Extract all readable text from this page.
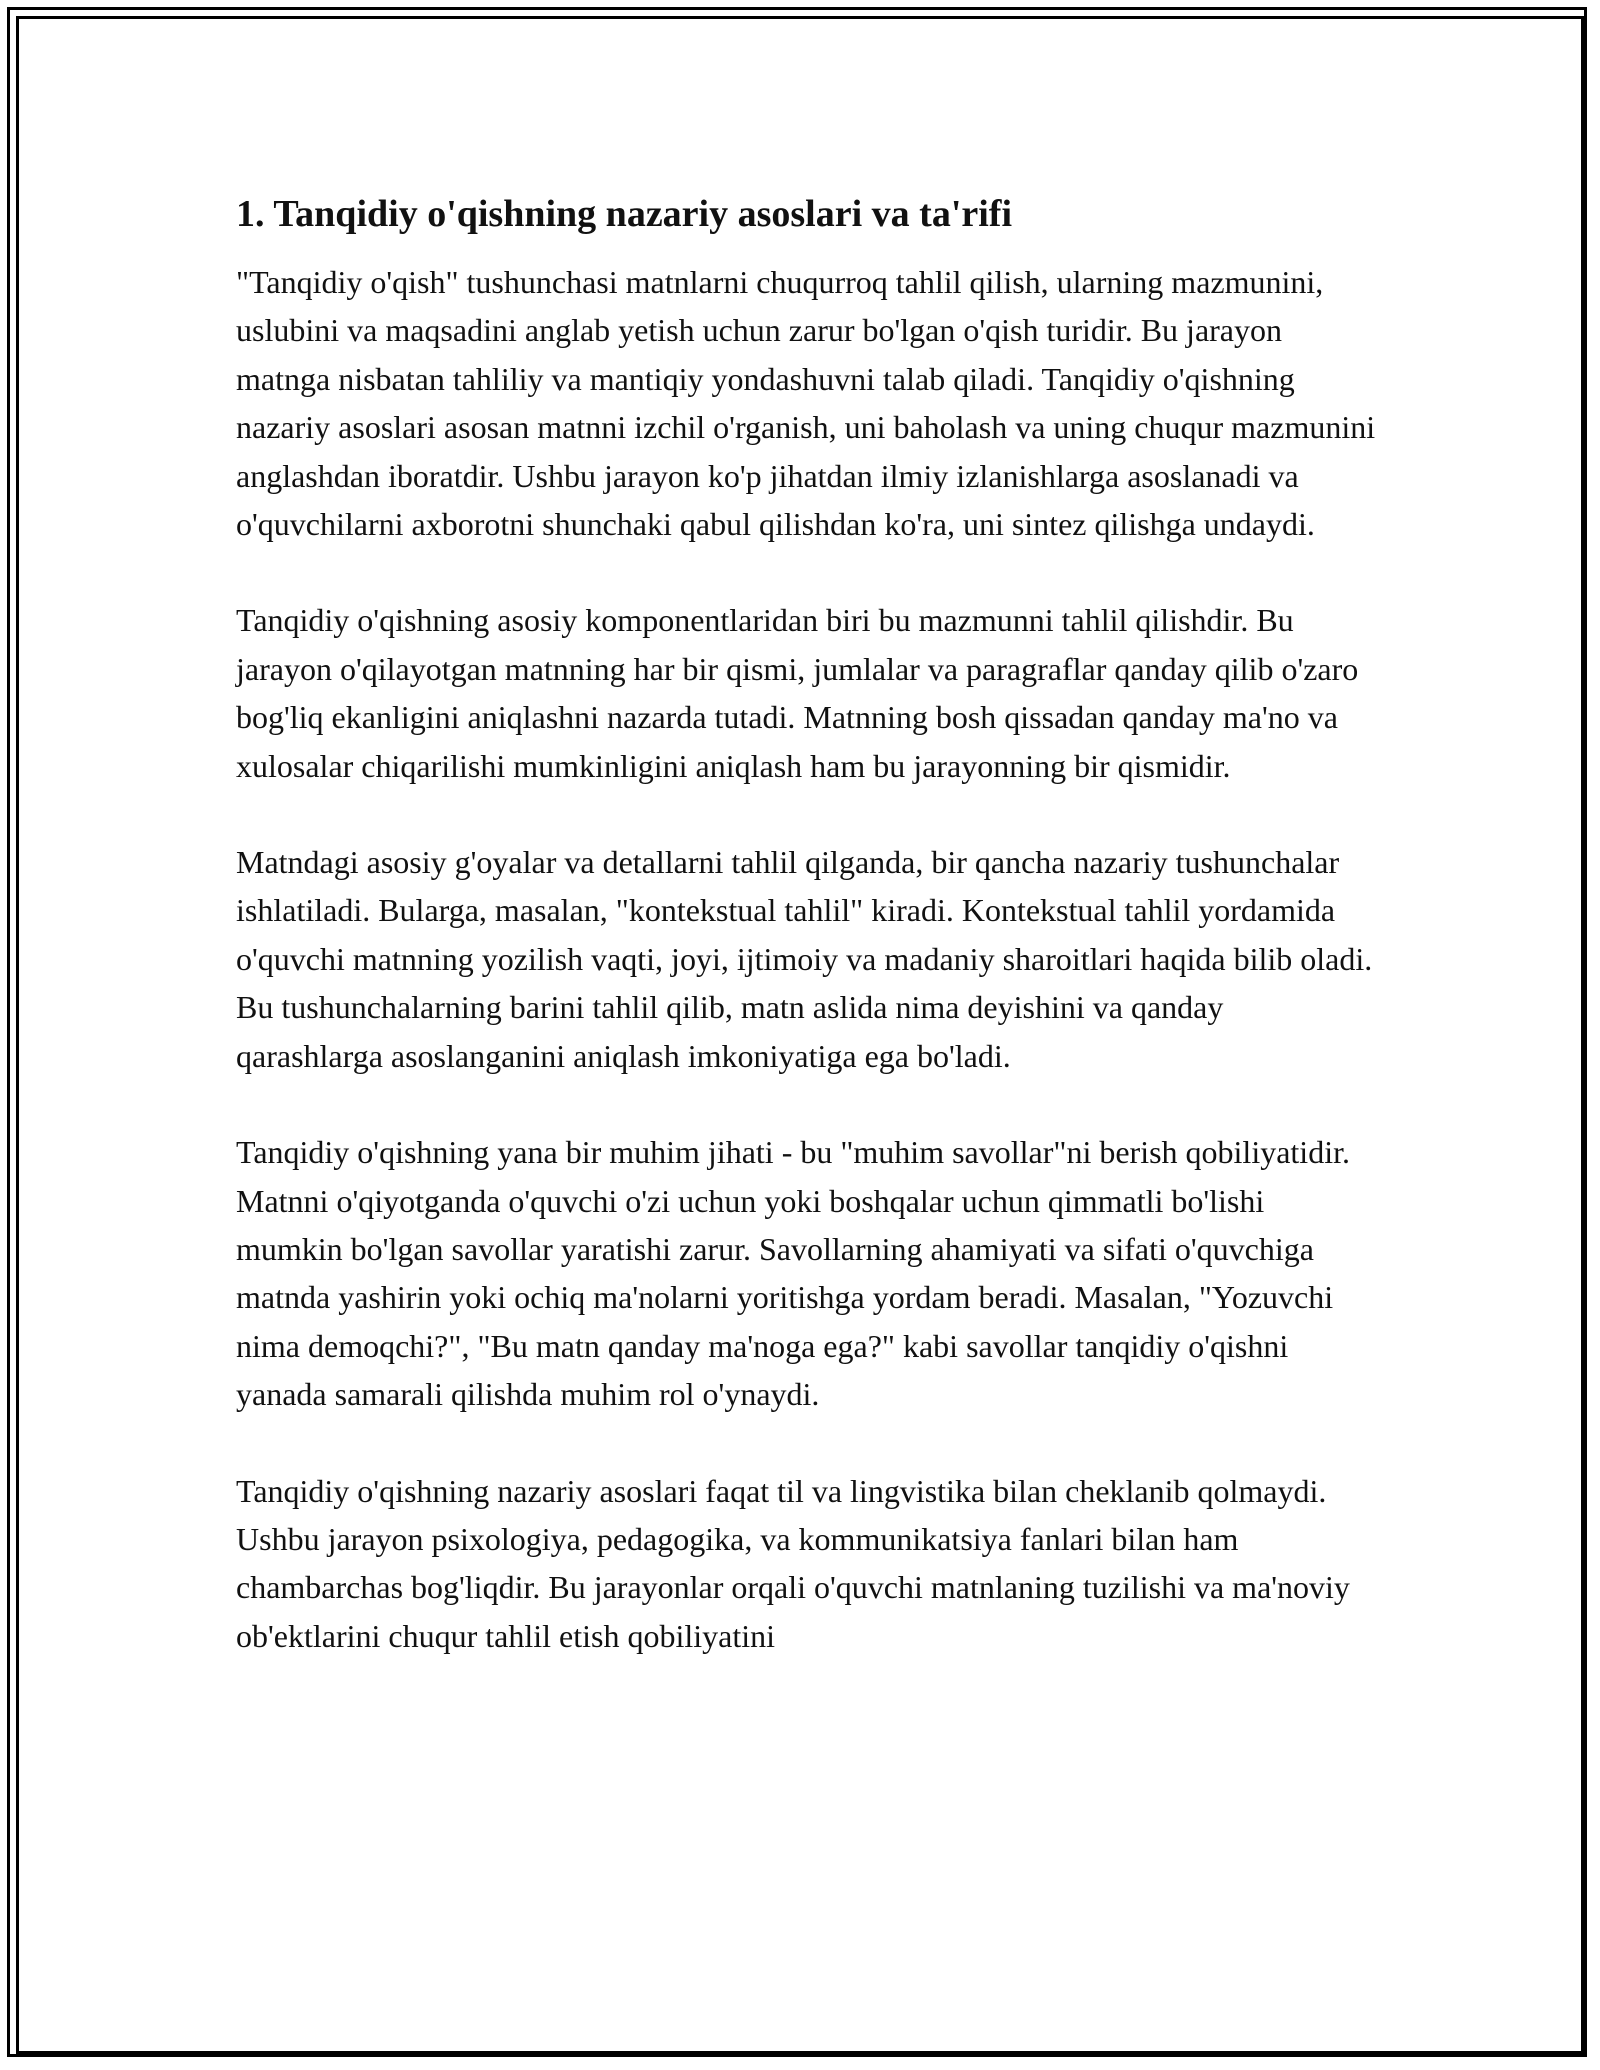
1. Tanqidiy o'qishning nazariy asoslari va ta'rifi

"Tanqidiy o'qish" tushunchasi matnlarni chuqurroq tahlil qilish, ularning mazmunini, uslubini va maqsadini anglab yetish uchun zarur bo'lgan o'qish turidir. Bu jarayon matnga nisbatan tahliliy va mantiqiy yondashuvni talab qiladi. Tanqidiy o'qishning nazariy asoslari asosan matnni izchil o'rganish, uni baholash va uning chuqur mazmunini anglashdan iboratdir. Ushbu jarayon ko'p jihatdan ilmiy izlanishlarga asoslanadi va o'quvchilarni axborotni shunchaki qabul qilishdan ko'ra, uni sintez qilishga undaydi.

Tanqidiy o'qishning asosiy komponentlaridan biri bu mazmunni tahlil qilishdir. Bu jarayon o'qilayotgan matnning har bir qismi, jumlalar va paragraflar qanday qilib o'zaro bog'liq ekanligini aniqlashni nazarda tutadi. Matnning bosh qissadan qanday ma'no va xulosalar chiqarilishi mumkinligini aniqlash ham bu jarayonning bir qismidir.

Matndagi asosiy g'oyalar va detallarni tahlil qilganda, bir qancha nazariy tushunchalar ishlatiladi. Bularga, masalan, "kontekstual tahlil" kiradi. Kontekstual tahlil yordamida o'quvchi matnning yozilish vaqti, joyi, ijtimoiy va madaniy sharoitlari haqida bilib oladi. Bu tushunchalarning barini tahlil qilib, matn aslida nima deyishini va qanday qarashlarga asoslanganini aniqlash imkoniyatiga ega bo'ladi.

Tanqidiy o'qishning yana bir muhim jihati - bu "muhim savollar"ni berish qobiliyatidir. Matnni o'qiyotganda o'quvchi o'zi uchun yoki boshqalar uchun qimmatli bo'lishi mumkin bo'lgan savollar yaratishi zarur. Savollarning ahamiyati va sifati o'quvchiga matnda yashirin yoki ochiq ma'nolarni yoritishga yordam beradi. Masalan, "Yozuvchi nima demoqchi?", "Bu matn qanday ma'noga ega?" kabi savollar tanqidiy o'qishni yanada samarali qilishda muhim rol o'ynaydi.

Tanqidiy o'qishning nazariy asoslari faqat til va lingvistika bilan cheklanib qolmaydi. Ushbu jarayon psixologiya, pedagogika, va kommunikatsiya fanlari bilan ham chambarchas bog'liqdir. Bu jarayonlar orqali o'quvchi matnlaning tuzilishi va ma'noviy ob'ektlarini chuqur tahlil etish qobiliyatini
